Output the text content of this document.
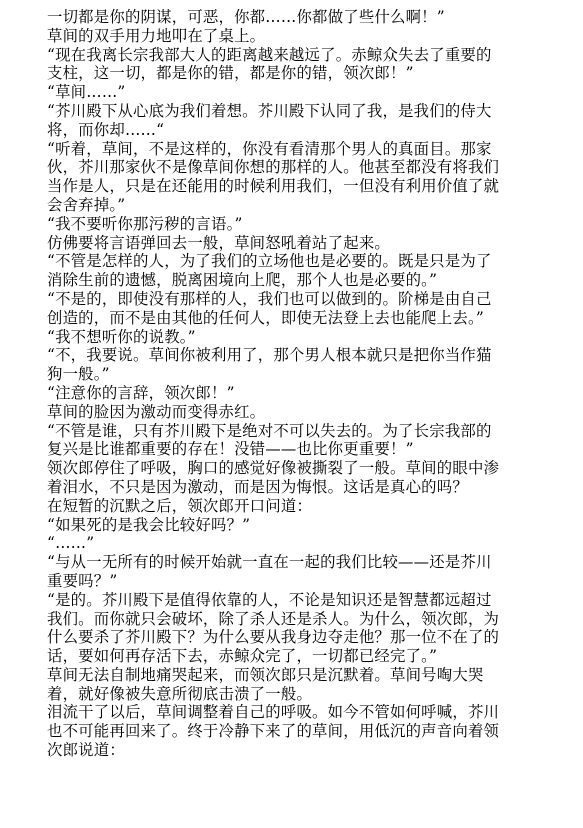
一切都是你的阴谋，可恶，你都……你都做了些什么啊！”
草间的双手用力地叩在了桌上。
“现在我离长宗我部大人的距离越来越远了。赤鲸众失去了重要的
支柱，这一切，都是你的错，都是你的错，领次郎！”
“草间……”
“芥川殿下从心底为我们着想。芥川殿下认同了我，是我们的侍大
将，而你却……“
“听着，草间，不是这样的，你没有看清那个男人的真面目。那家
伙，芥川那家伙不是像草间你想的那样的人。他甚至都没有将我们
当作是人，只是在还能用的时候利用我们，一但没有利用价值了就
会舍弃掉。”
“我不要听你那污秽的言语。”
仿佛要将言语弹回去一般，草间怒吼着站了起来。
“不管是怎样的人，为了我们的立场他也是必要的。既是只是为了
消除生前的遗憾，脱离困境向上爬，那个人也是必要的。”
“不是的，即使没有那样的人，我们也可以做到的。阶梯是由自己
创造的，而不是由其他的任何人，即使无法登上去也能爬上去。”
“我不想听你的说教。”
“不，我要说。草间你被利用了，那个男人根本就只是把你当作猫
狗一般。”
“注意你的言辞，领次郎！”
草间的脸因为激动而变得赤红。
“不管是谁，只有芥川殿下是绝对不可以失去的。为了长宗我部的
复兴是比谁都重要的存在！没错——也比你更重要！”
领次郎停住了呼吸，胸口的感觉好像被撕裂了一般。草间的眼中渗
着泪水，不只是因为激动，而是因为悔恨。这话是真心的吗？
在短暂的沉默之后，领次郎开口问道：
“如果死的是我会比较好吗？”
“……”
“与从一无所有的时候开始就一直在一起的我们比较——还是芥川
重要吗？”
“是的。芥川殿下是值得依靠的人，不论是知识还是智慧都远超过
我们。而你就只会破坏，除了杀人还是杀人。为什么，领次郎，为
什么要杀了芥川殿下？为什么要从我身边夺走他？那一位不在了的
话，要如何再存活下去，赤鲸众完了，一切都已经完了。”
草间无法自制地痛哭起来，而领次郎只是沉默着。草间号啕大哭
着，就好像被失意所彻底击溃了一般。
泪流干了以后，草间调整着自己的呼吸。如今不管如何呼喊，芥川
也不可能再回来了。终于冷静下来了的草间，用低沉的声音向着领
次郎说道：
